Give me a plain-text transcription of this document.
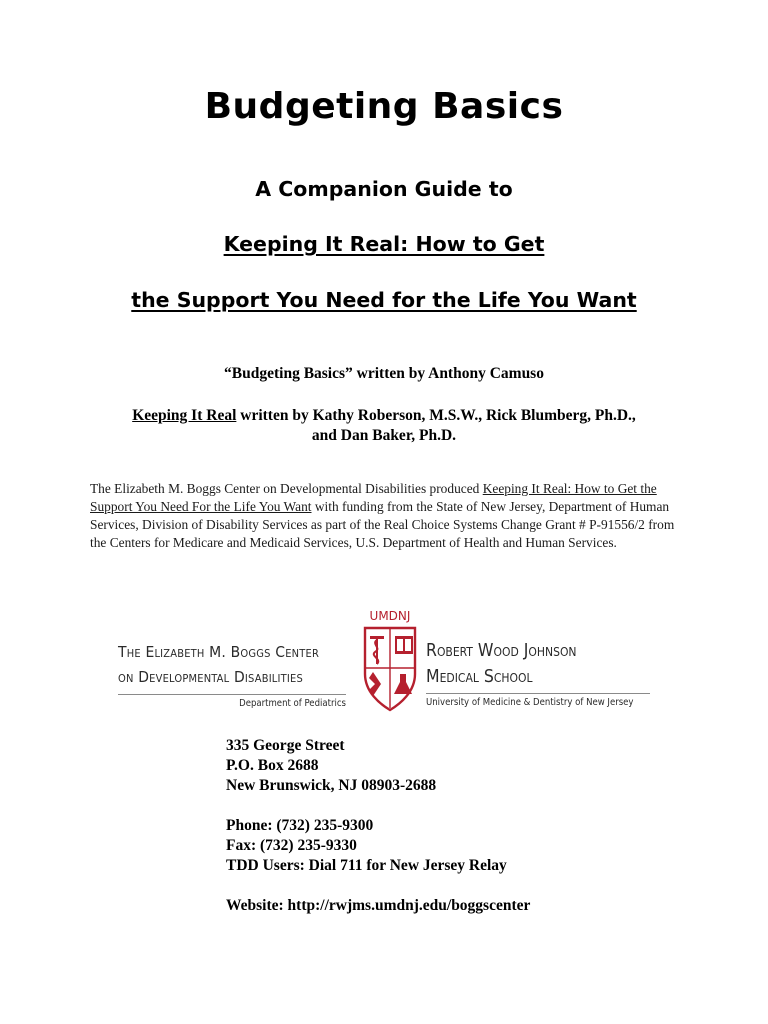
Budgeting Basics
A Companion Guide to
Keeping It Real: How to Get
the Support You Need for the Life You Want
“Budgeting Basics” written by Anthony Camuso
Keeping It Real written by Kathy Roberson, M.S.W., Rick Blumberg, Ph.D.,
and Dan Baker, Ph.D.
The Elizabeth M. Boggs Center on Developmental Disabilities produced Keeping It Real: How to Get the Support You Need For the Life You Want with funding from the State of New Jersey, Department of Human Services, Division of Disability Services as part of the Real Choice Systems Change Grant # P-91556/2 from the Centers for Medicare and Medicaid Services, U.S. Department of Health and Human Services.
The Elizabeth M. Boggs Center
on Developmental Disabilities
Department of Pediatrics
UMDNJ
Robert Wood Johnson
Medical School
University of Medicine & Dentistry of New Jersey
335 George Street
P.O. Box 2688
New Brunswick, NJ 08903-2688
Phone: (732) 235-9300
Fax: (732) 235-9330
TDD Users: Dial 711 for New Jersey Relay
Website: http://rwjms.umdnj.edu/boggscenter
